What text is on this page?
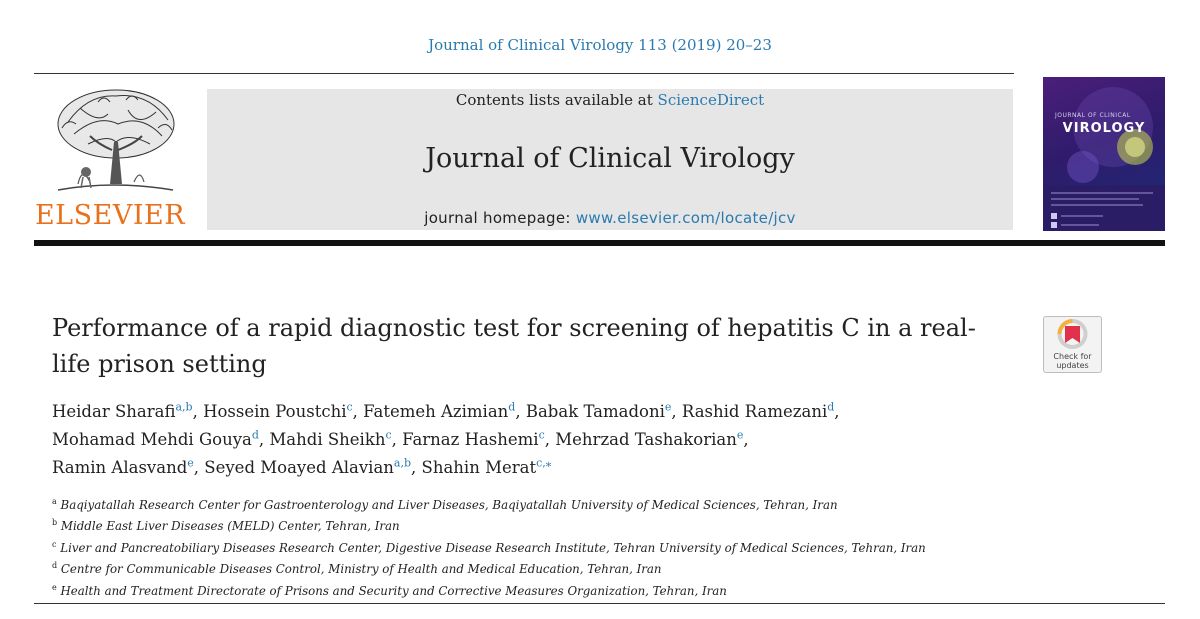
Journal of Clinical Virology 113 (2019) 20–23
ELSEVIER
Contents lists available at ScienceDirect
Journal of Clinical Virology
journal homepage: www.elsevier.com/locate/jcv
JOURNAL OF CLINICAL
VIROLOGY
Performance of a rapid diagnostic test for screening of hepatitis C in a real-
life prison setting	Check for
updates
Heidar Sharafi$^{a,b}$, Hossein Poustchi$^c$, Fatemeh Azimian$^d$, Babak Tamadoni$^e$, Rashid Ramezani$^d$,
Mohamad Mehdi Gouya$^d$, Mahdi Sheikh$^c$, Farnaz Hashemi$^c$, Mehrzad Tashakorian$^e$,
Ramin Alasvand$^e$, Seyed Moayed Alavian$^{a,b}$, Shahin Merat$^{c,⁎}$
$^a$ Baqiyatallah Research Center for Gastroenterology and Liver Diseases, Baqiyatallah University of Medical Sciences, Tehran, Iran
$^b$ Middle East Liver Diseases (MELD) Center, Tehran, Iran
$^c$ Liver and Pancreatobiliary Diseases Research Center, Digestive Disease Research Institute, Tehran University of Medical Sciences, Tehran, Iran
$^d$ Centre for Communicable Diseases Control, Ministry of Health and Medical Education, Tehran, Iran
$^e$ Health and Treatment Directorate of Prisons and Security and Corrective Measures Organization, Tehran, Iran
